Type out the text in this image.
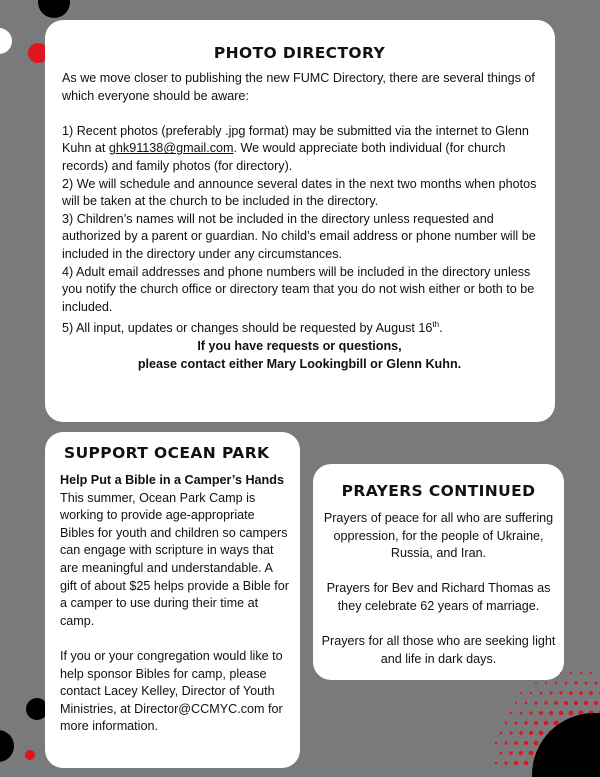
PHOTO DIRECTORY

As we move closer to publishing the new FUMC Directory, there are several things of which everyone should be aware:

1) Recent photos (preferably .jpg format) may be submitted via the internet to Glenn Kuhn at ghk91138@gmail.com. We would appreciate both individual (for church records) and family photos (for directory).

2) We will schedule and announce several dates in the next two months when photos will be taken at the church to be included in the directory.

3) Children’s names will not be included in the directory unless requested and authorized by a parent or guardian. No child’s email address or phone number will be included in the directory under any circumstances.

4) Adult email addresses and phone numbers will be included in the directory unless you notify the church office or directory team that you do not wish either or both to be included.

5) All input, updates or changes should be requested by August 16th.

If you have requests or questions,

please contact either Mary Lookingbill or Glenn Kuhn.

SUPPORT OCEAN PARK

Help Put a Bible in a Camper’s Hands

This summer, Ocean Park Camp is working to provide age-appropriate Bibles for youth and children so campers can engage with scripture in ways that are meaningful and understandable. A gift of about $25 helps provide a Bible for a camper to use during their time at camp.

If you or your congregation would like to help sponsor Bibles for camp, please contact Lacey Kelley, Director of Youth Ministries, at Director@CCMYC.com for more information.

PRAYERS CONTINUED

Prayers of peace for all who are suffering oppression, for the people of Ukraine, Russia, and Iran.

Prayers for Bev and Richard Thomas as they celebrate 62 years of marriage.

Prayers for all those who are seeking light and life in dark days.
